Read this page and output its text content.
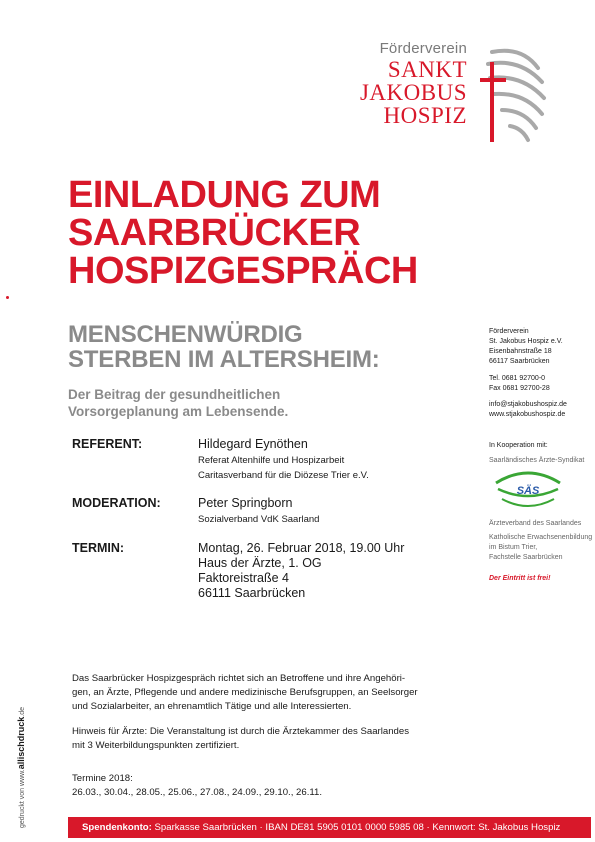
Förderverein
SANKT
JAKOBUS
HOSPIZ
EINLADUNG ZUM
SAARBRÜCKER
HOSPIZGESPRÄCH
MENSCHENWÜRDIG
STERBEN IM ALTERSHEIM:
Der Beitrag der gesundheitlichen
Vorsorgeplanung am Lebensende.
REFERENT:	Hildegard Eynöthen
Referat Altenhilfe und Hospizarbeit
Caritasverband für die Diözese Trier e.V.
MODERATION:	Peter Springborn
Sozialverband VdK Saarland
TERMIN:	Montag, 26. Februar 2018, 19.00 Uhr
Haus der Ärzte, 1. OG
Faktoreistraße 4
66111 Saarbrücken
Förderverein
St. Jakobus Hospiz e.V.
Eisenbahnstraße 18
66117 Saarbrücken
Tel. 0681 92700-0
Fax 0681 92700-28
info@stjakobushospiz.de
www.stjakobushospiz.de
In Kooperation mit:
Saarländisches Ärzte-Syndikat
SÄS
Ärzteverband des Saarlandes
Katholische Erwachsenenbildung
im Bistum Trier,
Fachstelle Saarbrücken
Der Eintritt ist frei!
Das Saarbrücker Hospizgespräch richtet sich an Betroffene und ihre Angehöri-
gen, an Ärzte, Pflegende und andere medizinische Berufsgruppen, an Seelsorger
und Sozialarbeiter, an ehrenamtlich Tätige und alle Interessierten.
Hinweis für Ärzte: Die Veranstaltung ist durch die Ärztekammer des Saarlandes
mit 3 Weiterbildungspunkten zertifiziert.
Termine 2018:
26.03., 30.04., 28.05., 25.06., 27.08., 24.09., 29.10., 26.11.
gedruckt von www.allischdruck.de
Spendenkonto: Sparkasse Saarbrücken · IBAN DE81 5905 0101 0000 5985 08 · Kennwort: St. Jakobus Hospiz
